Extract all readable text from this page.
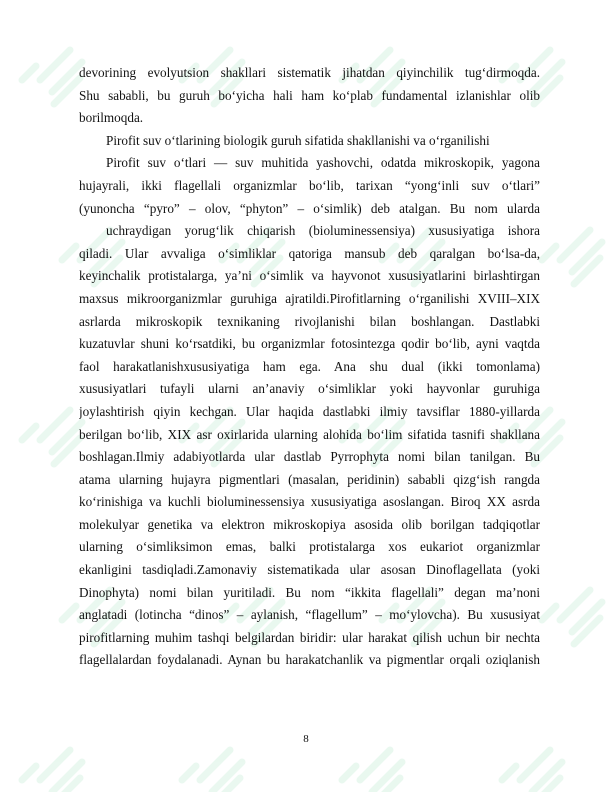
devorining evolyutsion shakllari sistematik jihatdan qiyinchilik tug‘dirmoqda.
Shu sababli, bu guruh bo‘yicha hali ham ko‘plab fundamental izlanishlar olib
borilmoqda.
Pirofit suv o‘tlarining biologik guruh sifatida shakllanishi va o‘rganilishi
Pirofit suv o‘tlari — suv muhitida yashovchi, odatda mikroskopik, yagona
hujayrali, ikki flagellali organizmlar bo‘lib, tarixan “yong‘inli suv o‘tlari”
(yunoncha “pyro” – olov, “phyton” – o‘simlik) deb atalgan. Bu nom ularda
uchraydigan yorug‘lik chiqarish (bioluminessensiya) xususiyatiga ishora
qiladi. Ular avvaliga o‘simliklar qatoriga mansub deb qaralgan bo‘lsa-da,
keyinchalik protistalarga, ya’ni o‘simlik va hayvonot xususiyatlarini birlashtirgan
maxsus mikroorganizmlar guruhiga ajratildi.Pirofitlarning o‘rganilishi XVIII–XIX
asrlarda mikroskopik texnikaning rivojlanishi bilan boshlangan. Dastlabki
kuzatuvlar shuni ko‘rsatdiki, bu organizmlar fotosintezga qodir bo‘lib, ayni vaqtda
faol harakatlanishxususiyatiga ham ega. Ana shu dual (ikki tomonlama)
xususiyatlari tufayli ularni an’anaviy o‘simliklar yoki hayvonlar guruhiga
joylashtirish qiyin kechgan. Ular haqida dastlabki ilmiy tavsiflar 1880-yillarda
berilgan bo‘lib, XIX asr oxirlarida ularning alohida bo‘lim sifatida tasnifi shakllana
boshlagan.Ilmiy adabiyotlarda ular dastlab Pyrrophyta nomi bilan tanilgan. Bu
atama ularning hujayra pigmentlari (masalan, peridinin) sababli qizg‘ish rangda
ko‘rinishiga va kuchli bioluminessensiya xususiyatiga asoslangan. Biroq XX asrda
molekulyar genetika va elektron mikroskopiya asosida olib borilgan tadqiqotlar
ularning o‘simliksimon emas, balki protistalarga xos eukariot organizmlar
ekanligini tasdiqladi.Zamonaviy sistematikada ular asosan Dinoflagellata (yoki
Dinophyta) nomi bilan yuritiladi. Bu nom “ikkita flagellali” degan ma’noni
anglatadi (lotincha “dinos” – aylanish, “flagellum” – mo‘ylovcha). Bu xususiyat
pirofitlarning muhim tashqi belgilardan biridir: ular harakat qilish uchun bir nechta
flagellalardan foydalanadi. Aynan bu harakatchanlik va pigmentlar orqali oziqlanish
8
